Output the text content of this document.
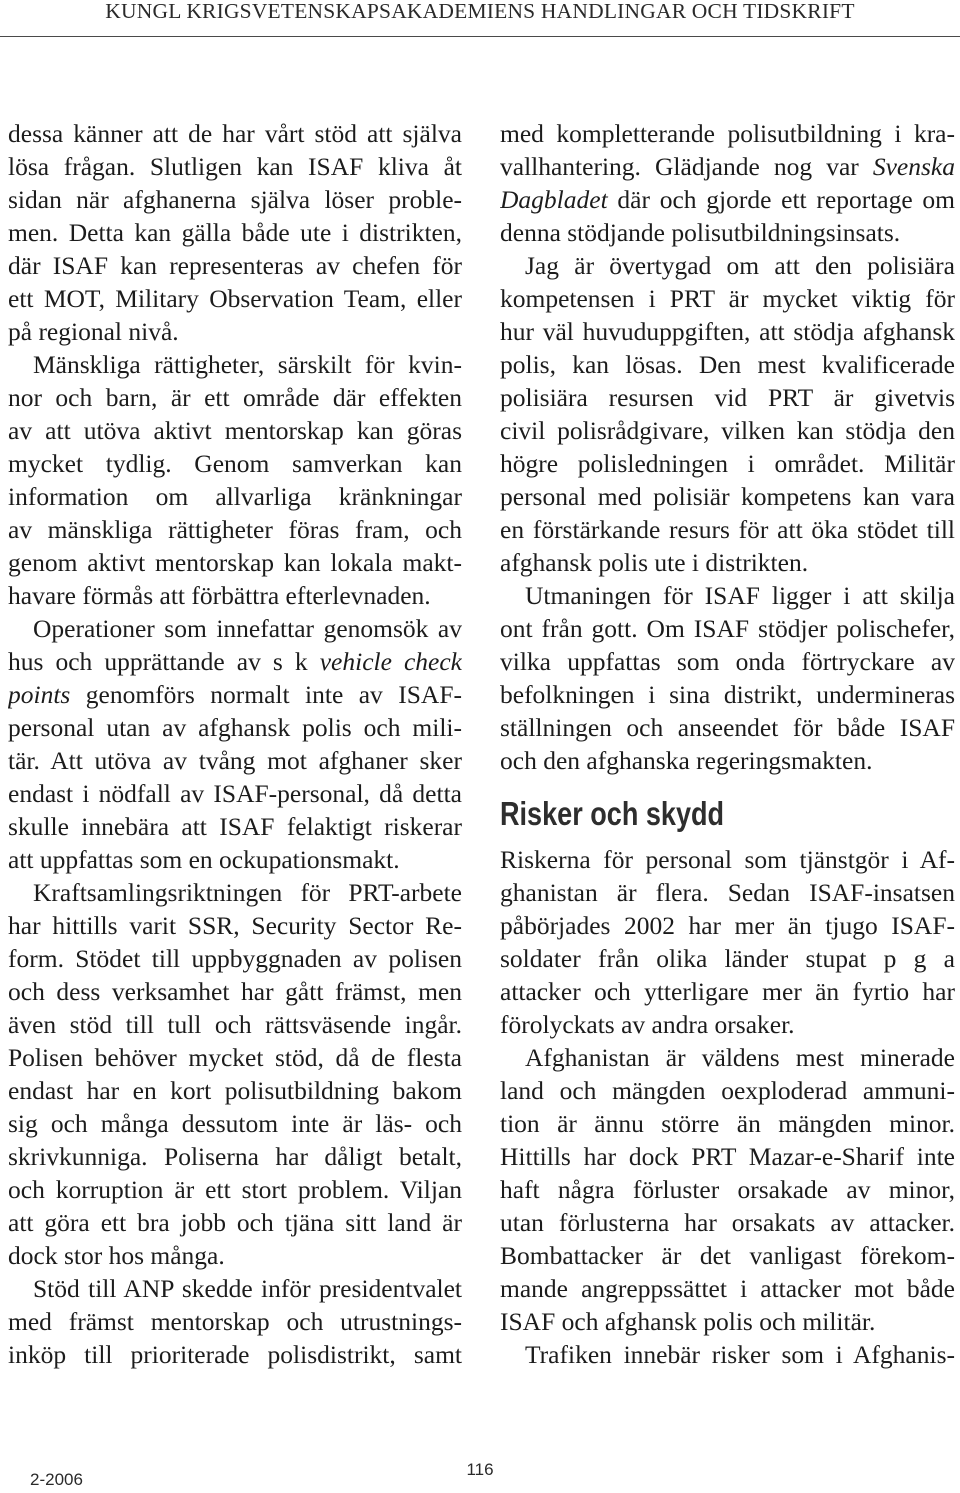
KUNGL KRIGSVETENSKAPSAKADEMIENS HANDLINGAR OCH TIDSKRIFT
dessa känner att de har vårt stöd att själva
lösa frågan. Slutligen kan ISAF kliva åt
sidan när afghanerna själva löser proble-
men. Detta kan gälla både ute i distrikten,
där ISAF kan representeras av chefen för
ett MOT, Military Observation Team, eller
på regional nivå.
Mänskliga rättigheter, särskilt för kvin-
nor och barn, är ett område där effekten
av att utöva aktivt mentorskap kan göras
mycket tydlig. Genom samverkan kan
information om allvarliga kränkningar
av mänskliga rättigheter föras fram, och
genom aktivt mentorskap kan lokala makt-
havare förmås att förbättra efterlevnaden.
Operationer som innefattar genomsök av
hus och upprättande av s k vehicle check
points genomförs normalt inte av ISAF-
personal utan av afghansk polis och mili-
tär. Att utöva av tvång mot afghaner sker
endast i nödfall av ISAF-personal, då detta
skulle innebära att ISAF felaktigt riskerar
att uppfattas som en ockupationsmakt.
Kraftsamlingsriktningen för PRT-arbete
har hittills varit SSR, Security Sector Re-
form. Stödet till uppbyggnaden av polisen
och dess verksamhet har gått främst, men
även stöd till tull och rättsväsende ingår.
Polisen behöver mycket stöd, då de flesta
endast har en kort polisutbildning bakom
sig och många dessutom inte är läs- och
skrivkunniga. Poliserna har dåligt betalt,
och korruption är ett stort problem. Viljan
att göra ett bra jobb och tjäna sitt land är
dock stor hos många.
Stöd till ANP skedde inför presidentvalet
med främst mentorskap och utrustnings-
inköp till prioriterade polisdistrikt, samt
med kompletterande polisutbildning i kra-
vallhantering. Glädjande nog var Svenska
Dagbladet där och gjorde ett reportage om
denna stödjande polisutbildningsinsats.
Jag är övertygad om att den polisiära
kompetensen i PRT är mycket viktig för
hur väl huvuduppgiften, att stödja afghansk
polis, kan lösas. Den mest kvalificerade
polisiära resursen vid PRT är givetvis
civil polisrådgivare, vilken kan stödja den
högre polisledningen i området. Militär
personal med polisiär kompetens kan vara
en förstärkande resurs för att öka stödet till
afghansk polis ute i distrikten.
Utmaningen för ISAF ligger i att skilja
ont från gott. Om ISAF stödjer polischefer,
vilka uppfattas som onda förtryckare av
befolkningen i sina distrikt, undermineras
ställningen och anseendet för både ISAF
och den afghanska regeringsmakten.
Risker och skydd
Riskerna för personal som tjänstgör i Af-
ghanistan är flera. Sedan ISAF-insatsen
påbörjades 2002 har mer än tjugo ISAF-
soldater från olika länder stupat p g a
attacker och ytterligare mer än fyrtio har
förolyckats av andra orsaker.
Afghanistan är väldens mest minerade
land och mängden oexploderad ammuni-
tion är ännu större än mängden minor.
Hittills har dock PRT Mazar-e-Sharif inte
haft några förluster orsakade av minor,
utan förlusterna har orsakats av attacker.
Bombattacker är det vanligast förekom-
mande angreppssättet i attacker mot både
ISAF och afghansk polis och militär.
Trafiken innebär risker som i Afghanis-
2-2006
116
